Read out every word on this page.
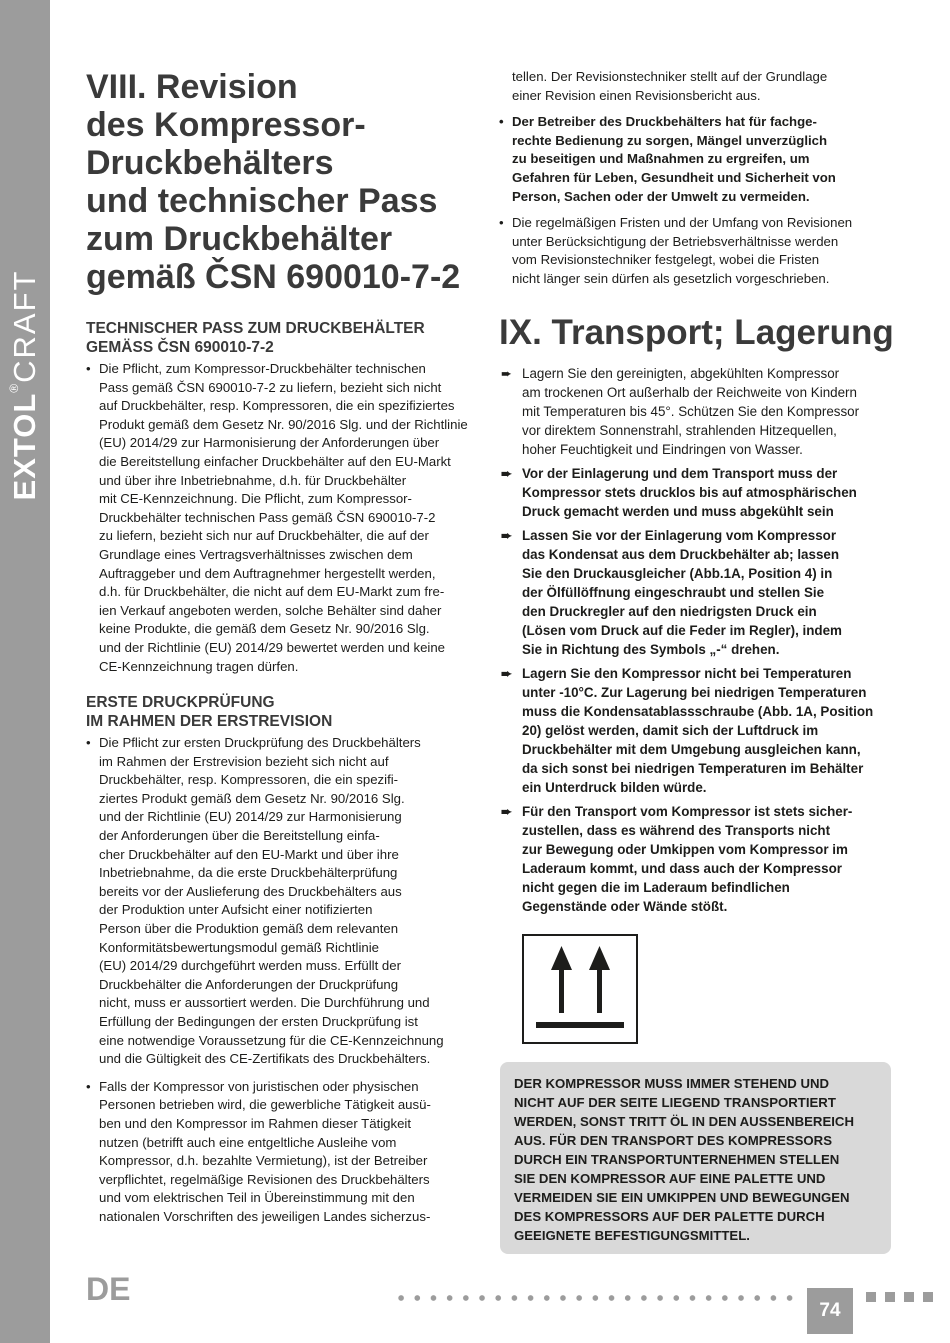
EXTOL®CRAFT
VIII. Revision
des Kompressor-
Druckbehälters
und technischer Pass
zum Druckbehälter
gemäß ČSN 690010-7-2
TECHNISCHER PASS ZUM DRUCKBEHÄLTER
GEMÄSS ČSN 690010-7-2
• Die Pflicht, zum Kompressor-Druckbehälter technischen
Pass gemäß ČSN 690010-7-2 zu liefern, bezieht sich nicht
auf Druckbehälter, resp. Kompressoren, die ein spezifiziertes
Produkt gemäß dem Gesetz Nr. 90/2016 Slg. und der Richtlinie
(EU) 2014/29 zur Harmonisierung der Anforderungen über
die Bereitstellung einfacher Druckbehälter auf den EU-Markt
und über ihre Inbetriebnahme, d.h. für Druckbehälter
mit CE-Kennzeichnung. Die Pflicht, zum Kompressor-
Druckbehälter technischen Pass gemäß ČSN 690010-7-2
zu liefern, bezieht sich nur auf Druckbehälter, die auf der
Grundlage eines Vertragsverhältnisses zwischen dem
Auftraggeber und dem Auftragnehmer hergestellt werden,
d.h. für Druckbehälter, die nicht auf dem EU-Markt zum fre-
ien Verkauf angeboten werden, solche Behälter sind daher
keine Produkte, die gemäß dem Gesetz Nr. 90/2016 Slg.
und der Richtlinie (EU) 2014/29 bewertet werden und keine
CE-Kennzeichnung tragen dürfen.
ERSTE DRUCKPRÜFUNG
IM RAHMEN DER ERSTREVISION
• Die Pflicht zur ersten Druckprüfung des Druckbehälters
im Rahmen der Erstrevision bezieht sich nicht auf
Druckbehälter, resp. Kompressoren, die ein spezifi-
ziertes Produkt gemäß dem Gesetz Nr. 90/2016 Slg.
und der Richtlinie (EU) 2014/29 zur Harmonisierung
der Anforderungen über die Bereitstellung einfa-
cher Druckbehälter auf den EU-Markt und über ihre
Inbetriebnahme, da die erste Druckbehälterprüfung
bereits vor der Auslieferung des Druckbehälters aus
der Produktion unter Aufsicht einer notifizierten
Person über die Produktion gemäß dem relevanten
Konformitätsbewertungsmodul gemäß Richtlinie
(EU) 2014/29 durchgeführt werden muss. Erfüllt der
Druckbehälter die Anforderungen der Druckprüfung
nicht, muss er aussortiert werden. Die Durchführung und
Erfüllung der Bedingungen der ersten Druckprüfung ist
eine notwendige Voraussetzung für die CE-Kennzeichnung
und die Gültigkeit des CE-Zertifikats des Druckbehälters.
• Falls der Kompressor von juristischen oder physischen
Personen betrieben wird, die gewerbliche Tätigkeit ausü-
ben und den Kompressor im Rahmen dieser Tätigkeit
nutzen (betrifft auch eine entgeltliche Ausleihe vom
Kompressor, d.h. bezahlte Vermietung), ist der Betreiber
verpflichtet, regelmäßige Revisionen des Druckbehälters
und vom elektrischen Teil in Übereinstimmung mit den
nationalen Vorschriften des jeweiligen Landes sicherzus-
tellen. Der Revisionstechniker stellt auf der Grundlage
einer Revision einen Revisionsbericht aus.
• Der Betreiber des Druckbehälters hat für fachge-
rechte Bedienung zu sorgen, Mängel unverzüglich
zu beseitigen und Maßnahmen zu ergreifen, um
Gefahren für Leben, Gesundheit und Sicherheit von
Person, Sachen oder der Umwelt zu vermeiden.
• Die regelmäßigen Fristen und der Umfang von Revisionen
unter Berücksichtigung der Betriebsverhältnisse werden
vom Revisionstechniker festgelegt, wobei die Fristen
nicht länger sein dürfen als gesetzlich vorgeschrieben.
IX. Transport; Lagerung
➨ Lagern Sie den gereinigten, abgekühlten Kompressor
am trockenen Ort außerhalb der Reichweite von Kindern
mit Temperaturen bis 45°. Schützen Sie den Kompressor
vor direktem Sonnenstrahl, strahlenden Hitzequellen,
hoher Feuchtigkeit und Eindringen von Wasser.
➨ Vor der Einlagerung und dem Transport muss der
Kompressor stets drucklos bis auf atmosphärischen
Druck gemacht werden und muss abgekühlt sein
➨ Lassen Sie vor der Einlagerung vom Kompressor
das Kondensat aus dem Druckbehälter ab; lassen
Sie den Druckausgleicher (Abb.1A, Position 4) in
der Ölfüllöffnung eingeschraubt und stellen Sie
den Druckregler auf den niedrigsten Druck ein
(Lösen vom Druck auf die Feder im Regler), indem
Sie in Richtung des Symbols „-“ drehen.
➨ Lagern Sie den Kompressor nicht bei Temperaturen
unter -10°C. Zur Lagerung bei niedrigen Temperaturen
muss die Kondensatablassschraube (Abb. 1A, Position
20) gelöst werden, damit sich der Luftdruck im
Druckbehälter mit dem Umgebung ausgleichen kann,
da sich sonst bei niedrigen Temperaturen im Behälter
ein Unterdruck bilden würde.
➨ Für den Transport vom Kompressor ist stets sicher-
zustellen, dass es während des Transports nicht
zur Bewegung oder Umkippen vom Kompressor im
Laderaum kommt, und dass auch der Kompressor
nicht gegen die im Laderaum befindlichen
Gegenstände oder Wände stößt.
DER KOMPRESSOR MUSS IMMER STEHEND UND
NICHT AUF DER SEITE LIEGEND TRANSPORTIERT
WERDEN, SONST TRITT ÖL IN DEN AUSSENBEREICH
AUS. FÜR DEN TRANSPORT DES KOMPRESSORS
DURCH EIN TRANSPORTUNTERNEHMEN STELLEN
SIE DEN KOMPRESSOR AUF EINE PALETTE UND
VERMEIDEN SIE EIN UMKIPPEN UND BEWEGUNGEN
DES KOMPRESSORS AUF DER PALETTE DURCH
GEEIGNETE BEFESTIGUNGSMITTEL.
DE
74
